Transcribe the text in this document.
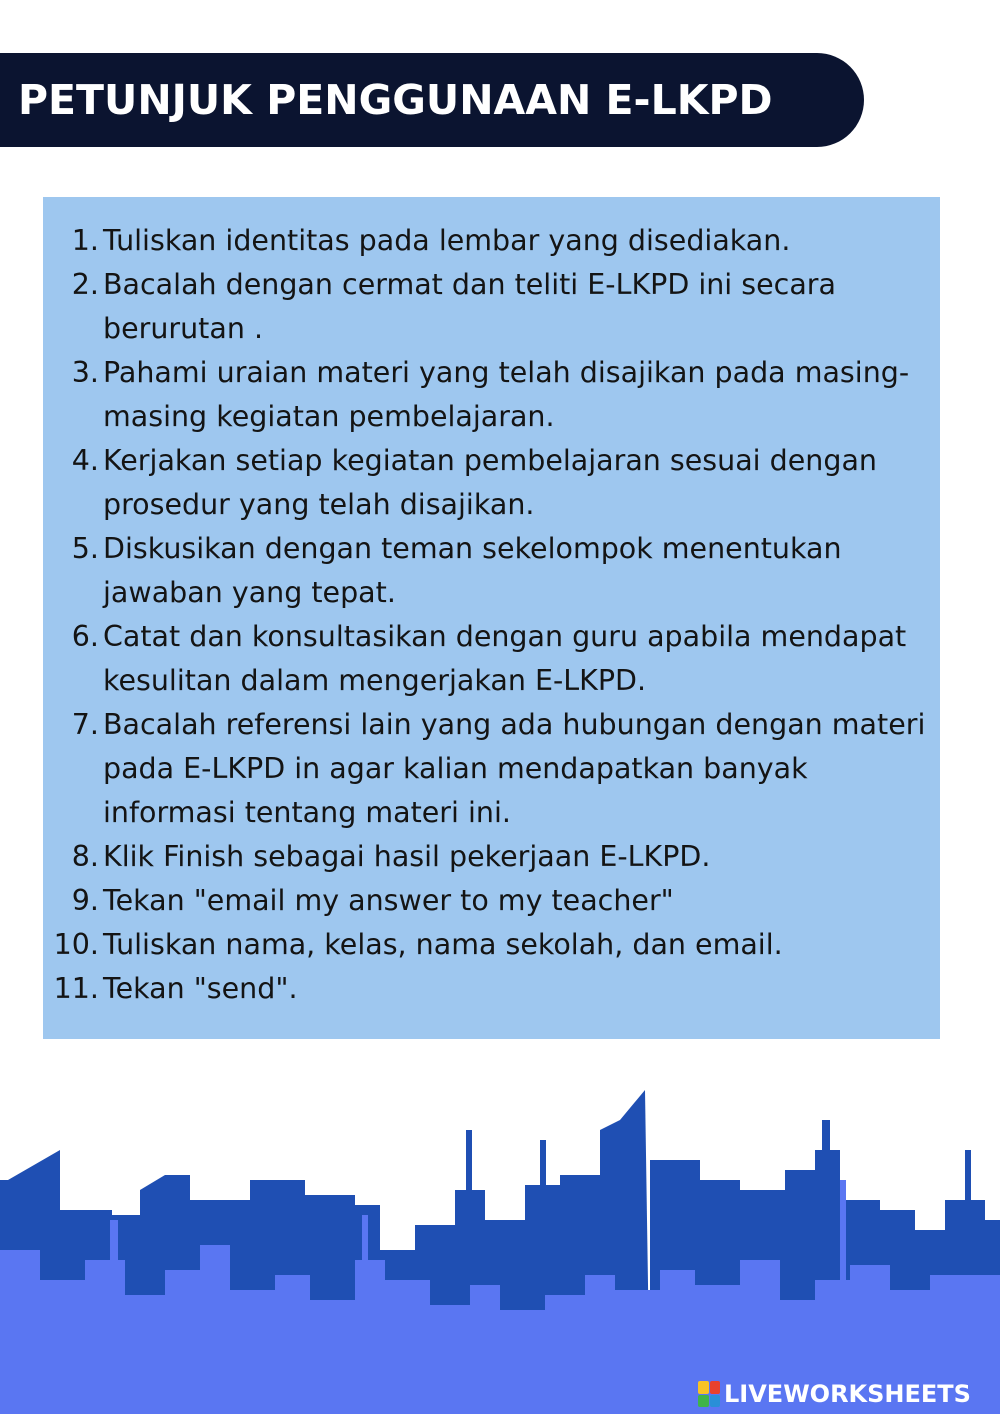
PETUNJUK PENGGUNAAN E-LKPD
1. Tuliskan identitas pada lembar yang disediakan.
2. Bacalah dengan cermat dan teliti E-LKPD ini secara berurutan .
3. Pahami uraian materi yang telah disajikan pada masing-masing kegiatan pembelajaran.
4. Kerjakan setiap kegiatan pembelajaran sesuai dengan prosedur yang telah disajikan.
5. Diskusikan dengan teman sekelompok menentukan jawaban yang tepat.
6. Catat dan konsultasikan dengan guru apabila mendapat kesulitan dalam mengerjakan E-LKPD.
7. Bacalah referensi lain yang ada hubungan dengan materi pada E-LKPD in agar kalian mendapatkan banyak informasi tentang materi ini.
8. Klik Finish sebagai hasil pekerjaan E-LKPD.
9. Tekan "email my answer to my teacher"
10. Tuliskan nama, kelas, nama sekolah, dan email.
11. Tekan "send".
LIVEWORKSHEETS
